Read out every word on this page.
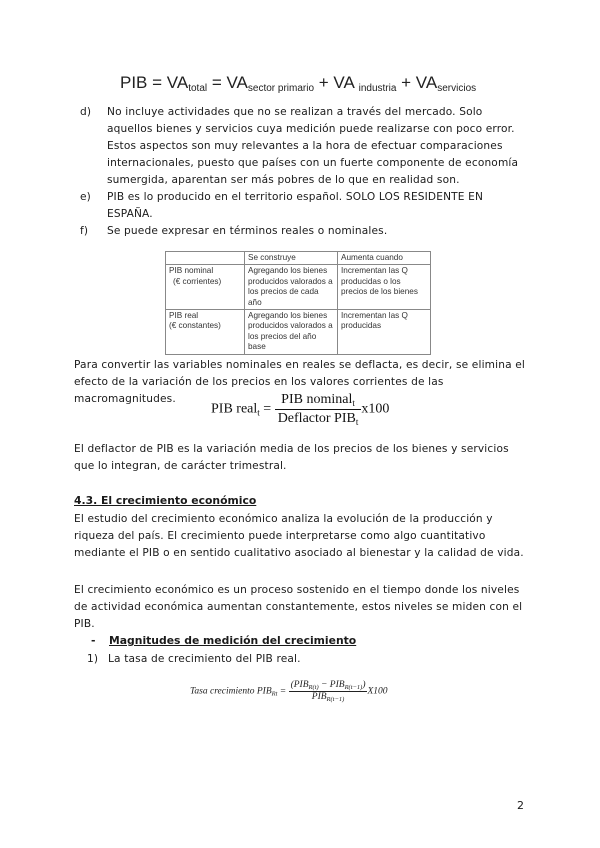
PIB = $VA_{total} = VA_{sector primario}$ + VA $_{industria} + VA_{servicios}$
d) No incluye actividades que no se realizan a través del mercado. Solo aquellos bienes y servicios cuya medición puede realizarse con poco error. Estos aspectos son muy relevantes a la hora de efectuar comparaciones internacionales, puesto que países con un fuerte componente de economía sumergida, aparentan ser más pobres de lo que en realidad son.
e) PIB es lo producido en el territorio español. SOLO LOS RESIDENTE EN ESPAÑA.
f) Se puede expresar en términos reales o nominales.
	Se construye	Aumenta cuando

PIB nominal
(€ corrientes)	Agregando los bienes producidos valorados a los precios de cada año	Incrementan las Q producidas o los precios de los bienes

PIB real
(€ constantes)	Agregando los bienes producidos valorados a los precios del año base	Incrementan las Q producidas
Para convertir las variables nominales en reales se deflacta, es decir, se elimina el efecto de la variación de los precios en los valores corrientes de las macromagnitudes.
PIB real$_t$ = $\frac{PIB nominal_t}{Deflactor PIB_t} x100$
El deflactor de PIB es la variación media de los precios de los bienes y servicios que lo integran, de carácter trimestral.
4.3. El crecimiento económico
El estudio del crecimiento económico analiza la evolución de la producción y riqueza del país. El crecimiento puede interpretarse como algo cuantitativo mediante el PIB o en sentido cualitativo asociado al bienestar y la calidad de vida.
El crecimiento económico es un proceso sostenido en el tiempo donde los niveles de actividad económica aumentan constantemente, estos niveles se miden con el PIB.
- Magnitudes de medición del crecimiento
1) La tasa de crecimiento del PIB real.
Tasa crecimiento $PIB_{Rt} = \frac{(PIB_{R(t)} - PIB_{R(t-1)})}{PIB_{R(t-1)}} X100$
2
